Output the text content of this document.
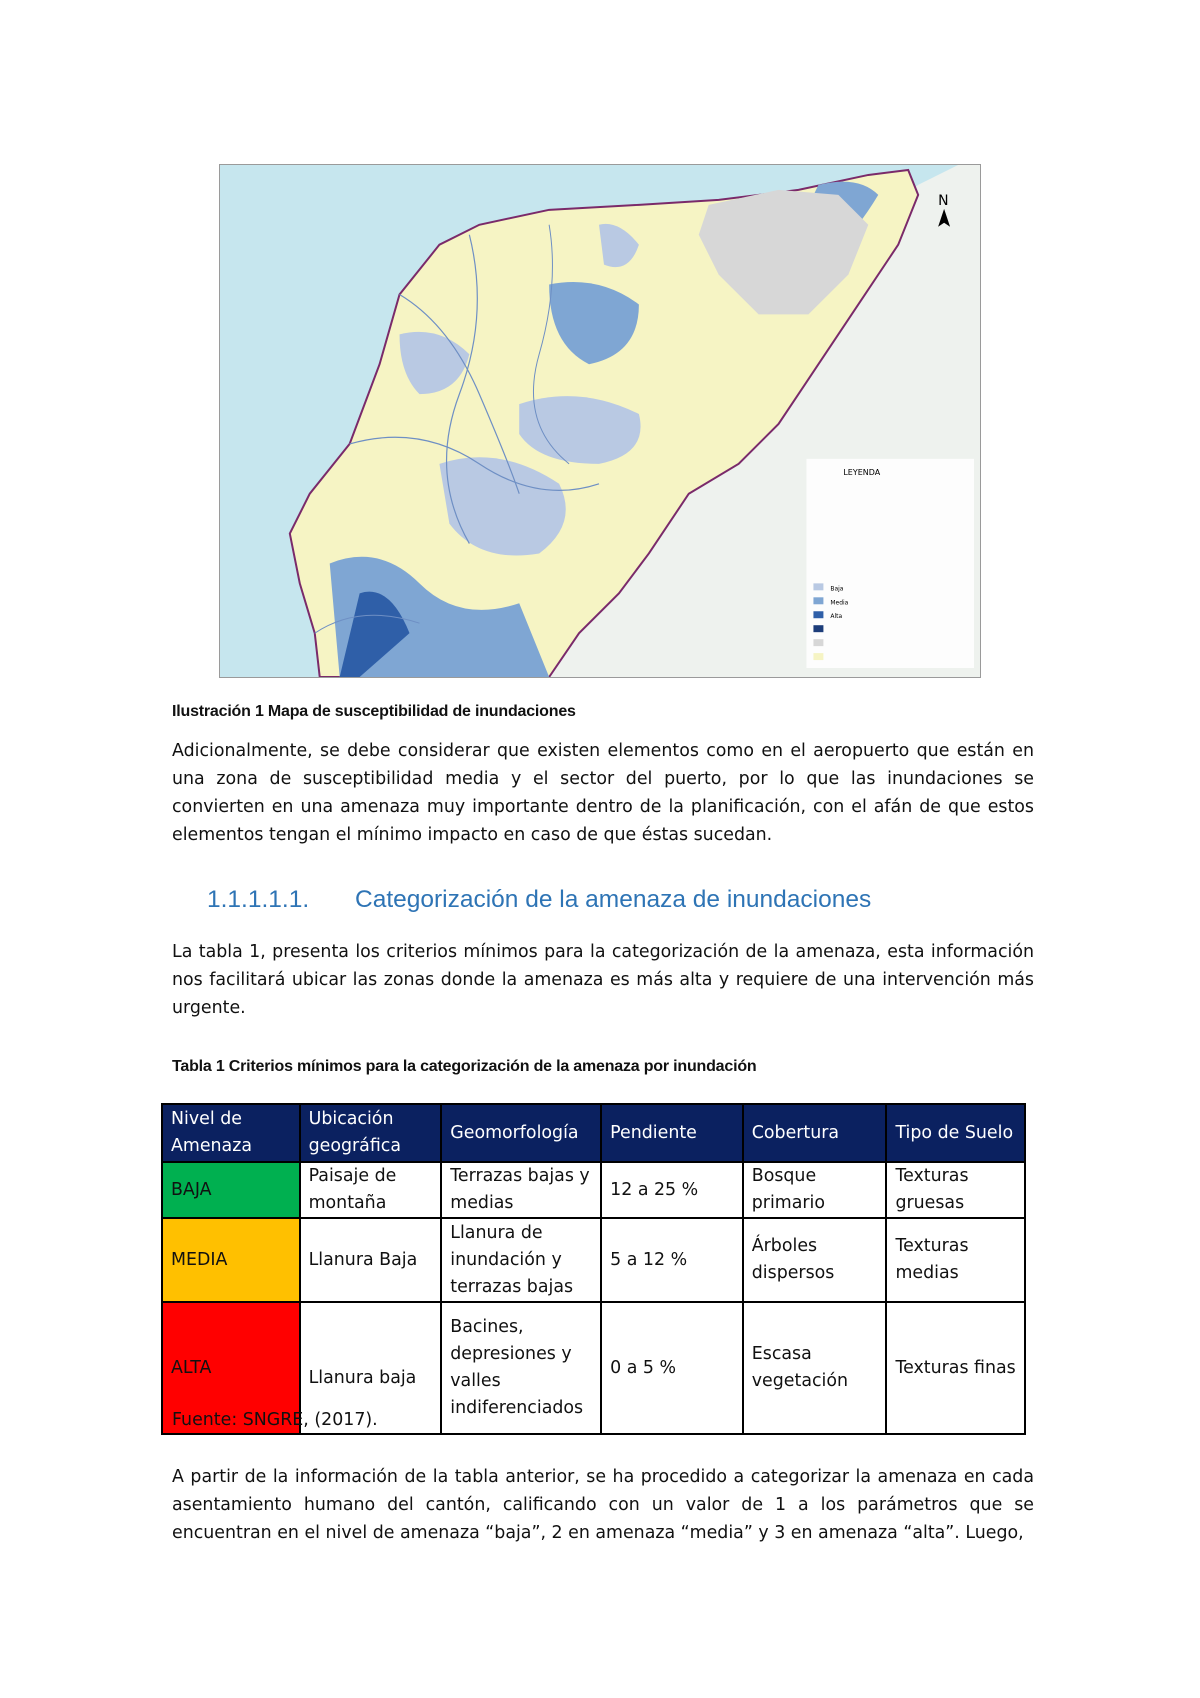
N
LEYENDA
Baja
Media
Alta
Ilustración 1 Mapa de susceptibilidad de inundaciones

Adicionalmente, se debe considerar que existen elementos como en el aeropuerto que están en una zona de susceptibilidad media y el sector del puerto, por lo que las inundaciones se convierten en una amenaza muy importante dentro de la planificación, con el afán de que estos elementos tengan el mínimo impacto en caso de que éstas sucedan.

1.1.1.1.1. Categorización de la amenaza de inundaciones

La tabla 1, presenta los criterios mínimos para la categorización de la amenaza, esta información nos facilitará ubicar las zonas donde la amenaza es más alta y requiere de una intervención más urgente.

Tabla 1 Criterios mínimos para la categorización de la amenaza por inundación
Nivel de Amenaza	Ubicación geográfica	Geomorfología	Pendiente	Cobertura	Tipo de Suelo
BAJA	Paisaje de montaña	Terrazas bajas y medias	12 a 25 %	Bosque primario	Texturas gruesas
MEDIA	Llanura Baja	Llanura de inundación y terrazas bajas	5 a 12 %	Árboles dispersos	Texturas medias
ALTA	Llanura baja	Bacines, depresiones y valles indiferenciados	0 a 5 %	Escasa vegetación	Texturas finas
Fuente: SNGRE, (2017).

A partir de la información de la tabla anterior, se ha procedido a categorizar la amenaza en cada asentamiento humano del cantón, calificando con un valor de 1 a los parámetros que se encuentran en el nivel de amenaza “baja”, 2 en amenaza “media” y 3 en amenaza “alta”. Luego,
